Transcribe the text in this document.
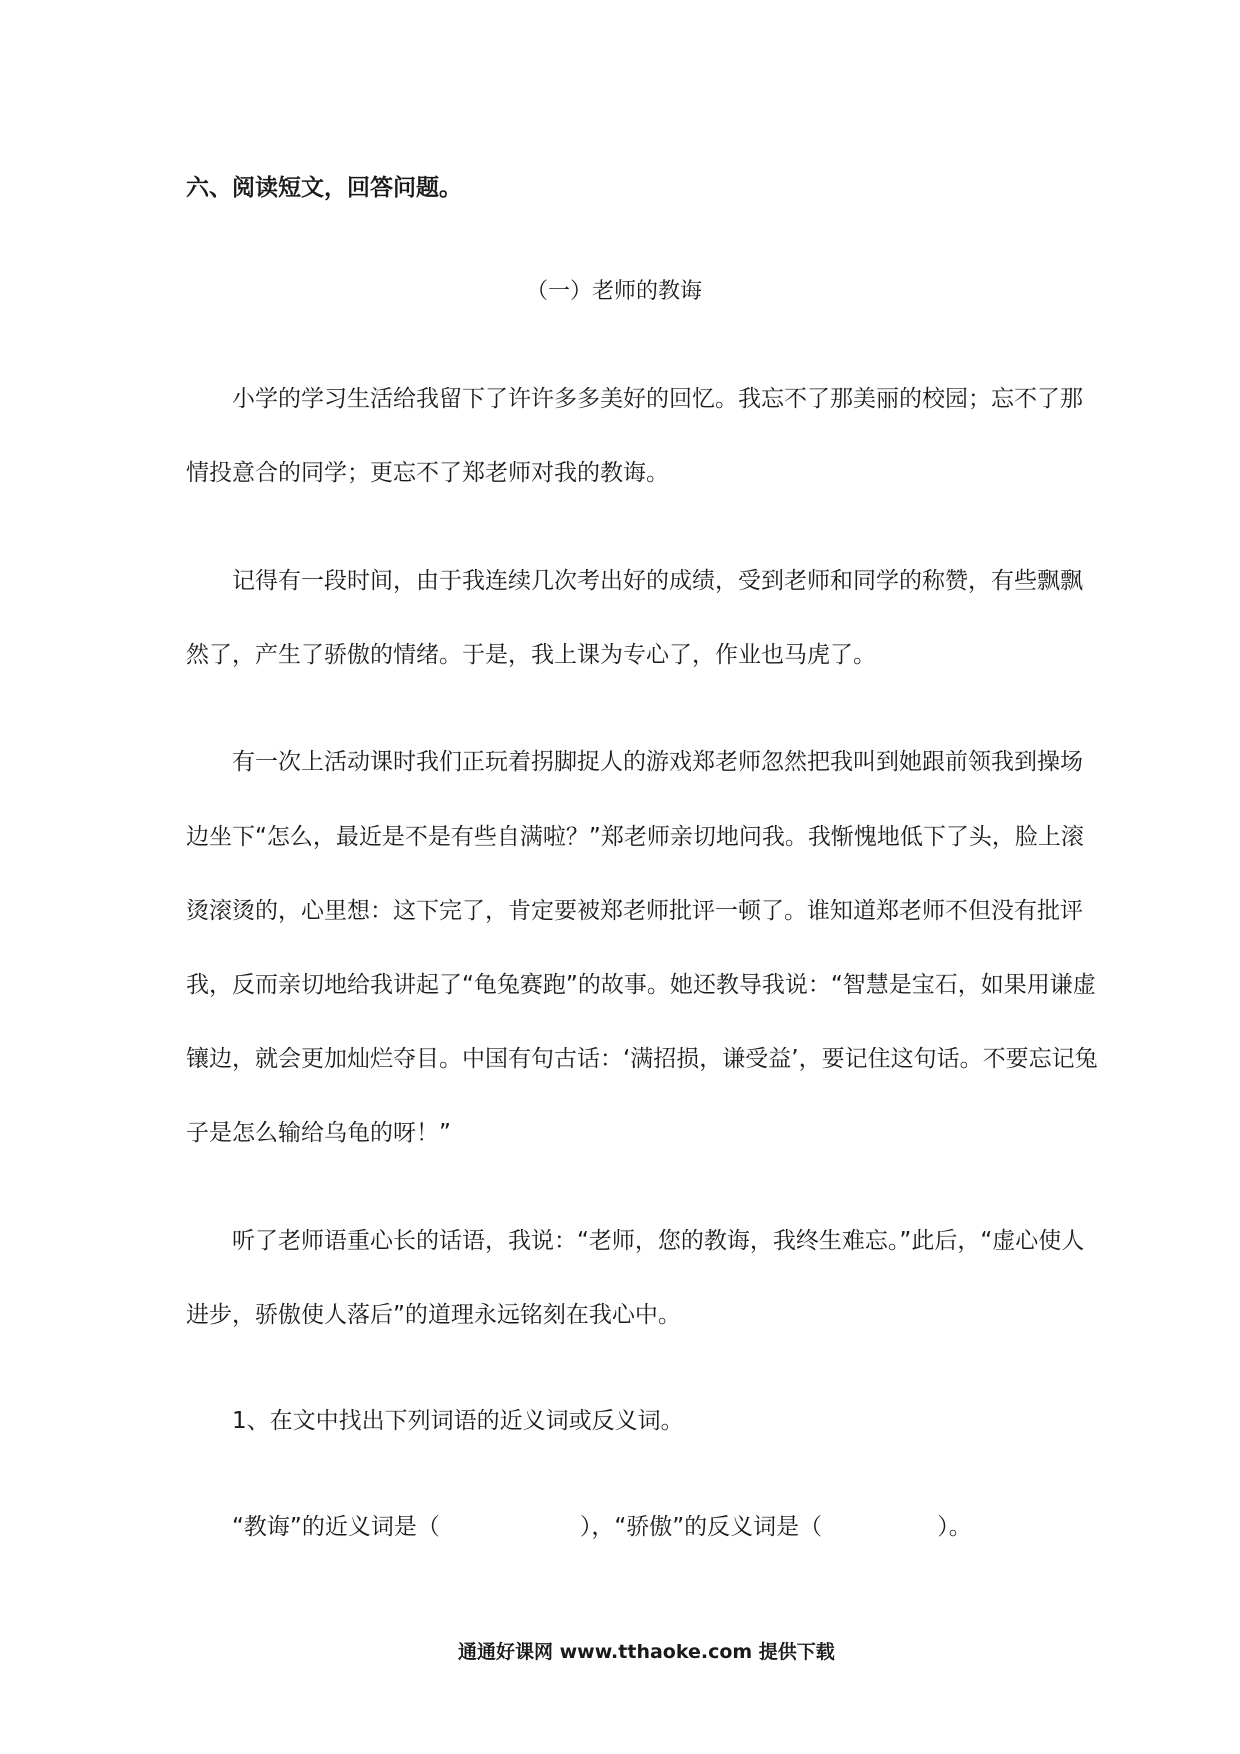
六、阅读短文，回答问题。
（一）老师的教诲
小学的学习生活给我留下了许许多多美好的回忆。我忘不了那美丽的校园；忘不了那
情投意合的同学；更忘不了郑老师对我的教诲。
记得有一段时间，由于我连续几次考出好的成绩，受到老师和同学的称赞，有些飘飘
然了，产生了骄傲的情绪。于是，我上课为专心了，作业也马虎了。
有一次上活动课时我们正玩着拐脚捉人的游戏郑老师忽然把我叫到她跟前领我到操场
边坐下“怎么，最近是不是有些自满啦？”郑老师亲切地问我。我惭愧地低下了头，脸上滚
烫滚烫的，心里想：这下完了，肯定要被郑老师批评一顿了。谁知道郑老师不但没有批评
我，反而亲切地给我讲起了“龟兔赛跑”的故事。她还教导我说：“智慧是宝石，如果用谦虚
镶边，就会更加灿烂夺目。中国有句古话：‘满招损，谦受益’，要记住这句话。不要忘记兔
子是怎么输给乌龟的呀！”
听了老师语重心长的话语，我说：“老师，您的教诲，我终生难忘。”此后，“虚心使人
进步，骄傲使人落后”的道理永远铭刻在我心中。
1、在文中找出下列词语的近义词或反义词。
“教诲”的近义词是（	），“骄傲”的反义词是（	）。
通通好课网 www.tthaoke.com 提供下载
